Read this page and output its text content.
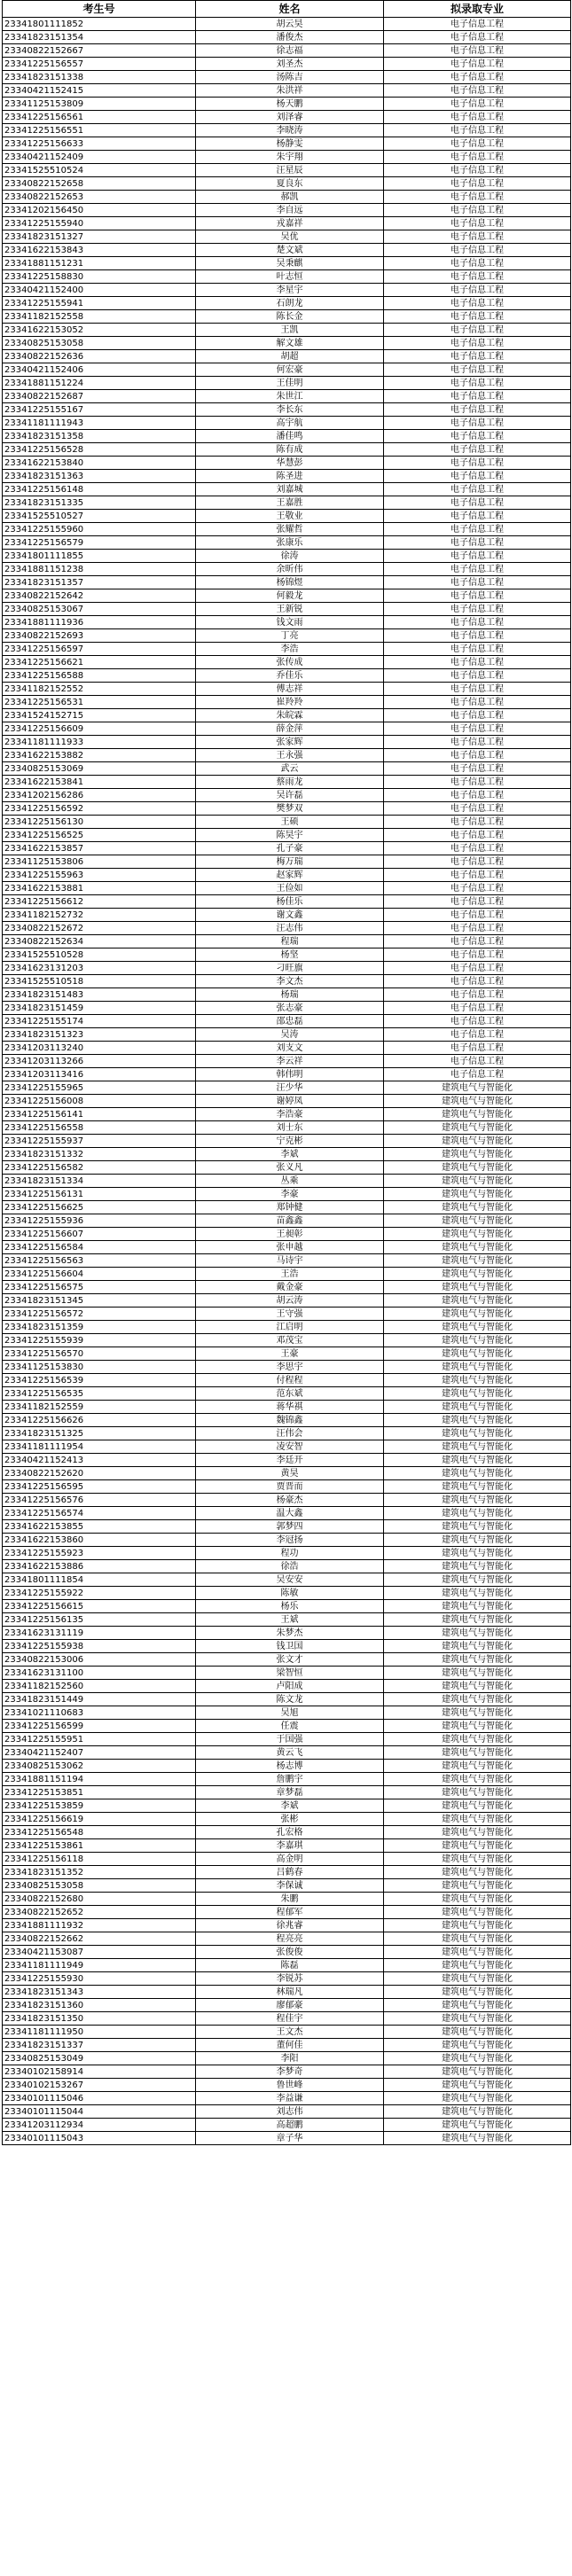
考生号	姓名	拟录取专业
23341801111852	胡云昊	电子信息工程
23341823151354	潘俊杰	电子信息工程
23340822152667	徐志福	电子信息工程
23341225156557	刘圣杰	电子信息工程
23341823151338	汤陈吉	电子信息工程
23340421152415	朱洪祥	电子信息工程
23341125153809	杨天鹏	电子信息工程
23341225156561	刘泽睿	电子信息工程
23341225156551	李晓涛	电子信息工程
23341225156633	杨静雯	电子信息工程
23340421152409	朱宇翔	电子信息工程
23341525510524	汪星辰	电子信息工程
23340822152658	夏良东	电子信息工程
23340822152653	郝凯	电子信息工程
23341202156450	李自远	电子信息工程
23341225155940	戎嘉祥	电子信息工程
23341823151327	吴优	电子信息工程
23341622153843	楚文斌	电子信息工程
23341881151231	吴秉麒	电子信息工程
23341225158830	叶志恒	电子信息工程
23340421152400	李星宇	电子信息工程
23341225155941	石朗龙	电子信息工程
23341182152558	陈长金	电子信息工程
23341622153052	王凯	电子信息工程
23340825153058	解文雄	电子信息工程
23340822152636	胡超	电子信息工程
23340421152406	何宏豪	电子信息工程
23341881151224	王佳明	电子信息工程
23340822152687	朱世江	电子信息工程
23341225155167	李长东	电子信息工程
23341181111943	高宇航	电子信息工程
23341823151358	潘佳鸣	电子信息工程
23341225156528	陈有成	电子信息工程
23341622153840	华慧彭	电子信息工程
23341823151363	陈圣进	电子信息工程
23341225156148	刘嘉城	电子信息工程
23341823151335	王嘉胜	电子信息工程
23341525510527	王敬业	电子信息工程
23341225155960	张耀哲	电子信息工程
23341225156579	张康乐	电子信息工程
23341801111855	徐涛	电子信息工程
23341881151238	余昕伟	电子信息工程
23341823151357	杨锦煜	电子信息工程
23340822152642	何毅龙	电子信息工程
23340825153067	王新锐	电子信息工程
23341881111936	钱文雨	电子信息工程
23340822152693	丁亮	电子信息工程
23341225156597	李浩	电子信息工程
23341225156621	张传成	电子信息工程
23341225156588	乔佳乐	电子信息工程
23341182152552	傅志祥	电子信息工程
23341225156531	崔羚羚	电子信息工程
23341524152715	朱皖霖	电子信息工程
23341225156609	薛金萍	电子信息工程
23341181111933	张家辉	电子信息工程
23341622153882	王永强	电子信息工程
23340825153069	武云	电子信息工程
23341622153841	蔡雨龙	电子信息工程
23341202156286	吴许磊	电子信息工程
23341225156592	樊梦双	电子信息工程
23341225156130	王硕	电子信息工程
23341225156525	陈昊宇	电子信息工程
23341622153857	孔子豪	电子信息工程
23341125153806	梅万瑞	电子信息工程
23341225155963	赵家辉	电子信息工程
23341622153881	王俭如	电子信息工程
23341225156612	杨佳乐	电子信息工程
23341182152732	谢文鑫	电子信息工程
23340822152672	汪志伟	电子信息工程
23340822152634	程瑞	电子信息工程
23341525510528	杨坚	电子信息工程
23341623131203	刁旺旗	电子信息工程
23341525510518	李文杰	电子信息工程
23341823151483	杨瑞	电子信息工程
23341823151459	张志豪	电子信息工程
23341225155174	邵忠磊	电子信息工程
23341823151323	吴涛	电子信息工程
23341203113240	刘支文	电子信息工程
23341203113266	李云祥	电子信息工程
23341203113416	韩伟明	电子信息工程
23341225155965	汪少华	建筑电气与智能化
23341225156008	谢婷凤	建筑电气与智能化
23341225156141	李浩豪	建筑电气与智能化
23341225156558	刘士东	建筑电气与智能化
23341225155937	宁克彬	建筑电气与智能化
23341823151332	李斌	建筑电气与智能化
23341225156582	张义凡	建筑电气与智能化
23341823151334	丛乘	建筑电气与智能化
23341225156131	李豪	建筑电气与智能化
23341225156625	郑钟健	建筑电气与智能化
23341225155936	苗鑫鑫	建筑电气与智能化
23341225156607	王昶彰	建筑电气与智能化
23341225156584	张申越	建筑电气与智能化
23341225156563	马诗宇	建筑电气与智能化
23341225156604	王浩	建筑电气与智能化
23341225156575	戴金豪	建筑电气与智能化
23341823151345	胡云涛	建筑电气与智能化
23341225156572	王守强	建筑电气与智能化
23341823151359	江启明	建筑电气与智能化
23341225155939	邓茂宝	建筑电气与智能化
23341225156570	王豪	建筑电气与智能化
23341125153830	李思宇	建筑电气与智能化
23341225156539	付程程	建筑电气与智能化
23341225156535	范东斌	建筑电气与智能化
23341182152559	蒋华祺	建筑电气与智能化
23341225156626	魏锦鑫	建筑电气与智能化
23341823151325	汪伟会	建筑电气与智能化
23341181111954	凌安智	建筑电气与智能化
23340421152413	李廷开	建筑电气与智能化
23340822152620	黄昊	建筑电气与智能化
23341225156595	贾晋而	建筑电气与智能化
23341225156576	杨豪杰	建筑电气与智能化
23341225156574	温大鑫	建筑电气与智能化
23341622153855	郭梦四	建筑电气与智能化
23341622153860	李冠扬	建筑电气与智能化
23341225155923	程功	建筑电气与智能化
23341622153886	徐浩	建筑电气与智能化
23341801111854	吴安安	建筑电气与智能化
23341225155922	陈敏	建筑电气与智能化
23341225156615	杨乐	建筑电气与智能化
23341225156135	王斌	建筑电气与智能化
23341623131119	朱梦杰	建筑电气与智能化
23341225155938	钱卫国	建筑电气与智能化
23340822153006	张文才	建筑电气与智能化
23341623131100	梁智恒	建筑电气与智能化
23341182152560	卢阳成	建筑电气与智能化
23341823151449	陈文龙	建筑电气与智能化
23341021110683	吴旭	建筑电气与智能化
23341225156599	任震	建筑电气与智能化
23341225155951	于国强	建筑电气与智能化
23340421152407	黄云飞	建筑电气与智能化
23340825153062	杨志博	建筑电气与智能化
23341881151194	詹鹏宇	建筑电气与智能化
23341225153851	章梦磊	建筑电气与智能化
23341225153859	李斌	建筑电气与智能化
23341225156619	张彬	建筑电气与智能化
23341225156548	孔宏格	建筑电气与智能化
23341225153861	李嘉琪	建筑电气与智能化
23341225156118	高金明	建筑电气与智能化
23341823151352	吕鹤春	建筑电气与智能化
23340825153058	李保诚	建筑电气与智能化
23340822152680	朱鹏	建筑电气与智能化
23340822152652	程郁军	建筑电气与智能化
23341881111932	徐兆睿	建筑电气与智能化
23340822152662	程亮亮	建筑电气与智能化
23340421153087	张俊俊	建筑电气与智能化
23341181111949	陈磊	建筑电气与智能化
23341225155930	李锐苏	建筑电气与智能化
23341823151343	林瑞凡	建筑电气与智能化
23341823151360	廖郁豪	建筑电气与智能化
23341823151350	程佳宇	建筑电气与智能化
23341181111950	王文杰	建筑电气与智能化
23341823151337	董何佳	建筑电气与智能化
23340825153049	李阳	建筑电气与智能化
23340102158914	李梦奇	建筑电气与智能化
23340102153267	鲁世峰	建筑电气与智能化
23340101115046	李益谦	建筑电气与智能化
23340101115044	刘志伟	建筑电气与智能化
23341203112934	高超鹏	建筑电气与智能化
23340101115043	章子华	建筑电气与智能化
